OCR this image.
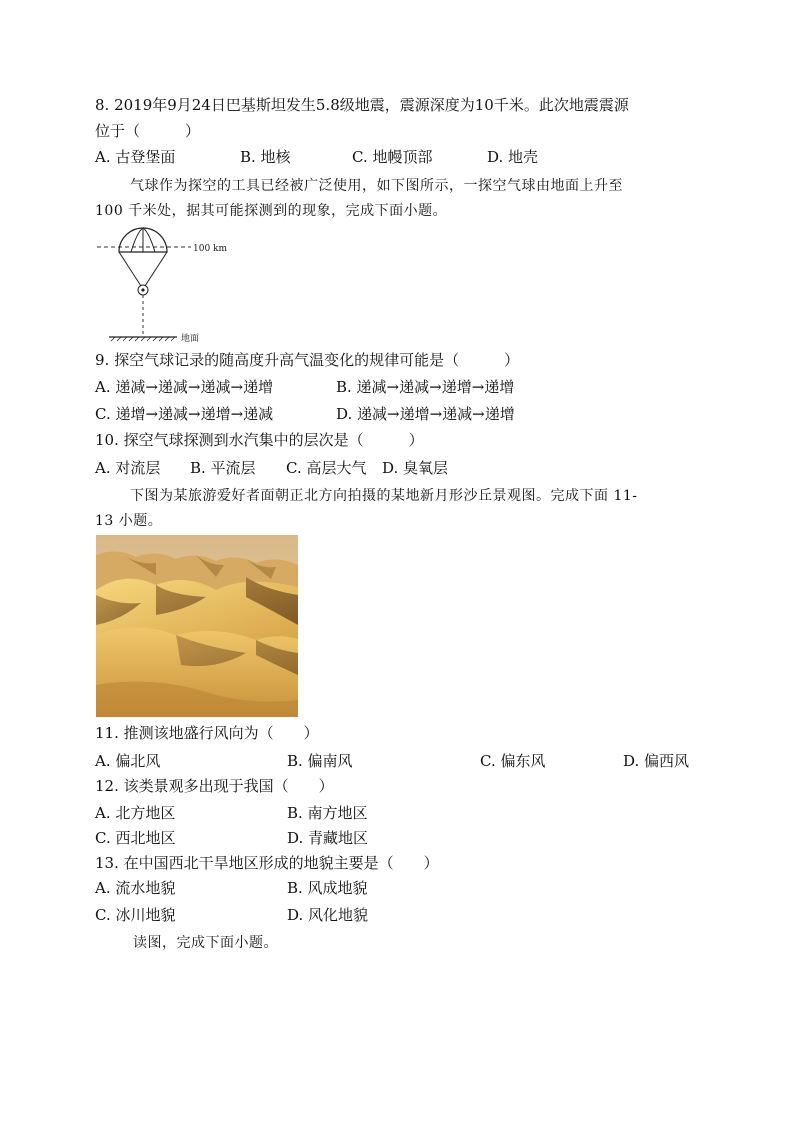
8. 2019年9月24日巴基斯坦发生5.8级地震，震源深度为10千米。此次地震震源
位于（　　　）
A. 古登堡面	B. 地核	C. 地幔顶部	D. 地壳
气球作为探空的工具已经被广泛使用，如下图所示，一探空气球由地面上升至
100 千米处，据其可能探测到的现象，完成下面小题。
100 km
地面
9. 探空气球记录的随高度升高气温变化的规律可能是（　　　）
A. 递减→递减→递减→递增	B. 递减→递减→递增→递增
C. 递增→递减→递增→递减	D. 递减→递增→递减→递增
10. 探空气球探测到水汽集中的层次是（　　　）
A. 对流层 B. 平流层 C. 高层大气 D. 臭氧层
下图为某旅游爱好者面朝正北方向拍摄的某地新月形沙丘景观图。完成下面 11-
13 小题。
11. 推测该地盛行风向为（　　）
A. 偏北风	B. 偏南风	C. 偏东风	D. 偏西风
12. 该类景观多出现于我国（　　）
A. 北方地区	B. 南方地区
C. 西北地区	D. 青藏地区
13. 在中国西北干旱地区形成的地貌主要是（　　）
A. 流水地貌	B. 风成地貌
C. 冰川地貌	D. 风化地貌
读图，完成下面小题。
